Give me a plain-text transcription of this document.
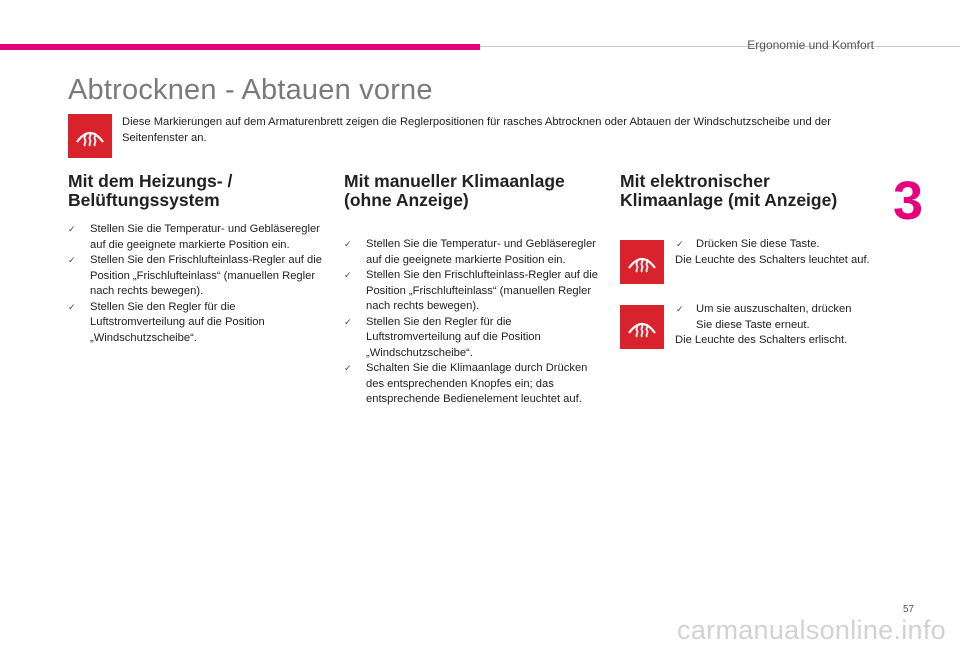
Ergonomie und Komfort
Abtrocknen - Abtauen vorne
3

Diese Markierungen auf dem Armaturenbrett zeigen die Reglerpositionen für rasches Abtrocknen oder Abtauen der Windschutzscheibe und der Seitenfenster an.

Mit dem Heizungs- /
Belüftungssystem
✓ Stellen Sie die Temperatur- und Gebläseregler auf die geeignete markierte Position ein.
✓ Stellen Sie den Frischlufteinlass-Regler auf die Position „Frischlufteinlass“ (manuellen Regler nach rechts bewegen).
✓ Stellen Sie den Regler für die Luftstromverteilung auf die Position „Windschutzscheibe“.
Mit manueller Klimaanlage
(ohne Anzeige)
✓ Stellen Sie die Temperatur- und Gebläseregler auf die geeignete markierte Position ein.
✓ Stellen Sie den Frischlufteinlass-Regler auf die Position „Frischlufteinlass“ (manuellen Regler nach rechts bewegen).
✓ Stellen Sie den Regler für die Luftstromverteilung auf die Position „Windschutzscheibe“.
✓ Schalten Sie die Klimaanlage durch Drücken des entsprechenden Knopfes ein; das entsprechende Bedienelement leuchtet auf.
Mit elektronischer
Klimaanlage (mit Anzeige)
✓ Drücken Sie diese Taste.
Die Leuchte des Schalters leuchtet auf.
✓ Um sie auszuschalten, drücken Sie diese Taste erneut.
Die Leuchte des Schalters erlischt.
57
carmanualsonline.info
